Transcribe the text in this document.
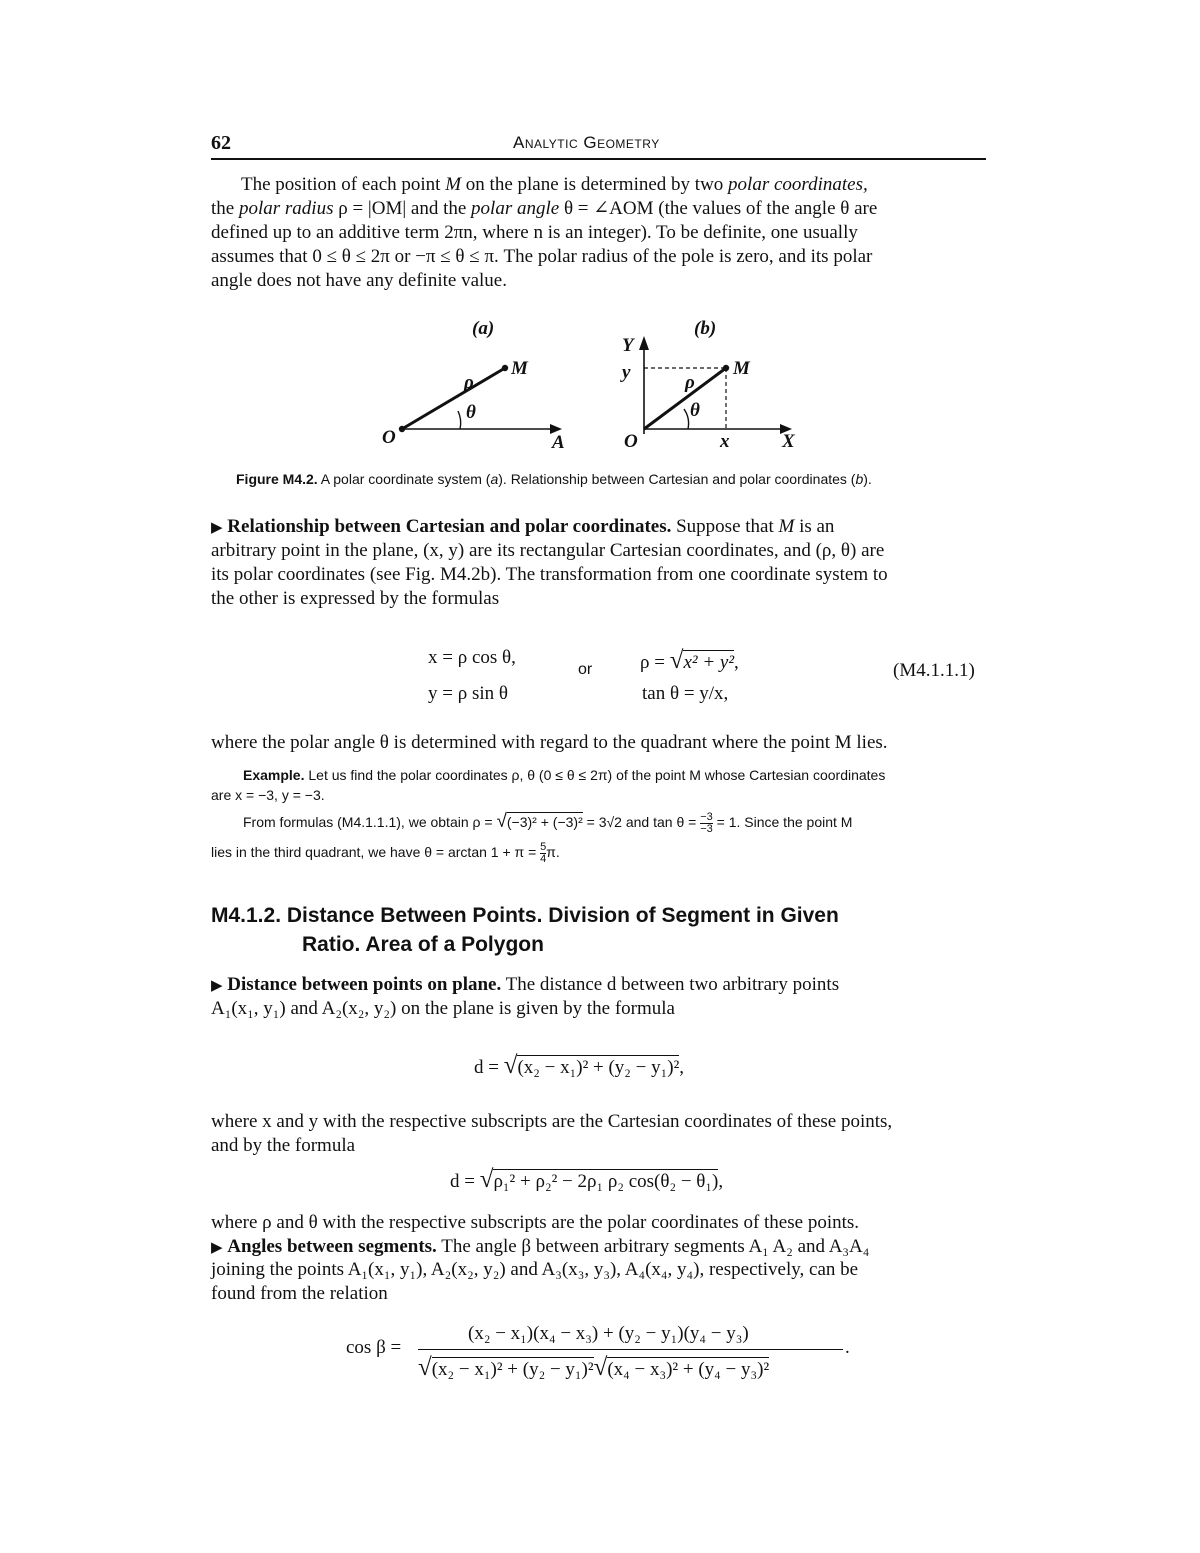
62	Analytic Geometry
The position of each point M on the plane is determined by two polar coordinates,
the polar radius ρ = |OM| and the polar angle θ = ∠AOM (the values of the angle θ are
defined up to an additive term 2πn, where n is an integer). To be definite, one usually
assumes that 0 ≤ θ ≤ 2π or −π ≤ θ ≤ π. The polar radius of the pole is zero, and its polar
angle does not have any definite value.
(a)
O	A
M
ρ
θ
(b)
Y
y
O	x	X
M
ρ
θ
Figure M4.2. A polar coordinate system (a). Relationship between Cartesian and polar coordinates (b).
▶ Relationship between Cartesian and polar coordinates. Suppose that M is an
arbitrary point in the plane, (x, y) are its rectangular Cartesian coordinates, and (ρ, θ) are
its polar coordinates (see Fig. M4.2b). The transformation from one coordinate system to
the other is expressed by the formulas
x = ρ cos θ,
y = ρ sin θ
or	ρ = √x² + y²,
tan θ = y/x,
(M4.1.1.1)
where the polar angle θ is determined with regard to the quadrant where the point M lies.
Example. Let us find the polar coordinates ρ, θ (0 ≤ θ ≤ 2π) of the point M whose Cartesian coordinates
are x = −3, y = −3.
From formulas (M4.1.1.1), we obtain ρ = √(−3)² + (−3)² = 3√2 and $\tan \theta = \frac{-3}{-3} = 1$. Since the point M
lies in the third quadrant, we have $\theta = \arctan 1 + \pi = \frac{5}{4} \pi$.
M4.1.2. Distance Between Points. Division of Segment in Given
Ratio. Area of a Polygon
▶ Distance between points on plane. The distance d between two arbitrary points
A₁(x₁, y₁) and A₂(x₂, y₂) on the plane is given by the formula
d = √(x₂ − x₁)² + (y₂ − y₁)²,
where x and y with the respective subscripts are the Cartesian coordinates of these points,
and by the formula
d = √ρ₁² + ρ₂² − 2ρ₁ ρ₂ cos(θ₂ − θ₁),
where ρ and θ with the respective subscripts are the polar coordinates of these points.
▶ Angles between segments. The angle β between arbitrary segments A₁ A₂ and A₃A₄
joining the points A₁(x₁, y₁), A₂(x₂, y₂) and A₃(x₃, y₃), A₄(x₄, y₄), respectively, can be
found from the relation
cos β =
(x₂ − x₁)(x₄ − x₃) + (y₂ − y₁)(y₄ − y₃)
√(x₂ − x₁)² + (y₂ − y₁)²√(x₄ − x₃)² + (y₄ − y₃)²
.
